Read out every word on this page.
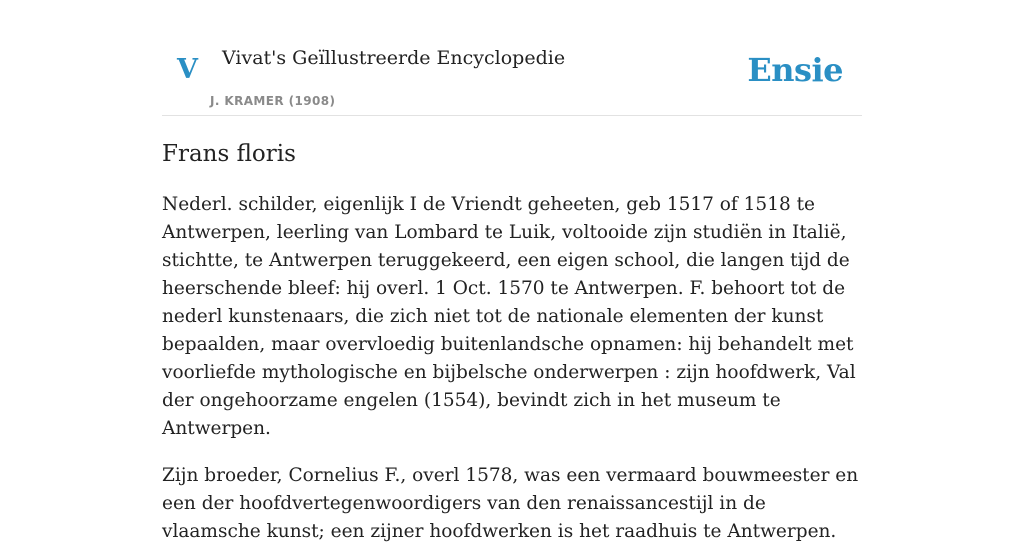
V Vivat's Geïllustreerde Encyclopedie
J. KRAMER (1908)
Ensie
Frans floris

Nederl. schilder, eigenlijk I de Vriendt geheeten, geb 1517 of 1518 te Antwerpen, leerling van Lombard te Luik, voltooide zijn studiën in Italië, stichtte, te Antwerpen teruggekeerd, een eigen school, die langen tijd de heerschende bleef: hij overl. 1 Oct. 1570 te Antwerpen. F. behoort tot de nederl kunstenaars, die zich niet tot de nationale elementen der kunst bepaalden, maar overvloedig buitenlandsche opnamen: hij behandelt met voorliefde mythologische en bijbelsche onderwerpen : zijn hoofdwerk, Val der ongehoorzame engelen (1554), bevindt zich in het museum te Antwerpen.

Zijn broeder, Cornelius F., overl 1578, was een vermaard bouwmeester en een der hoofdvertegenwoordigers van den renaissancestijl in de vlaamsche kunst; een zijner hoofdwerken is het raadhuis te Antwerpen.
